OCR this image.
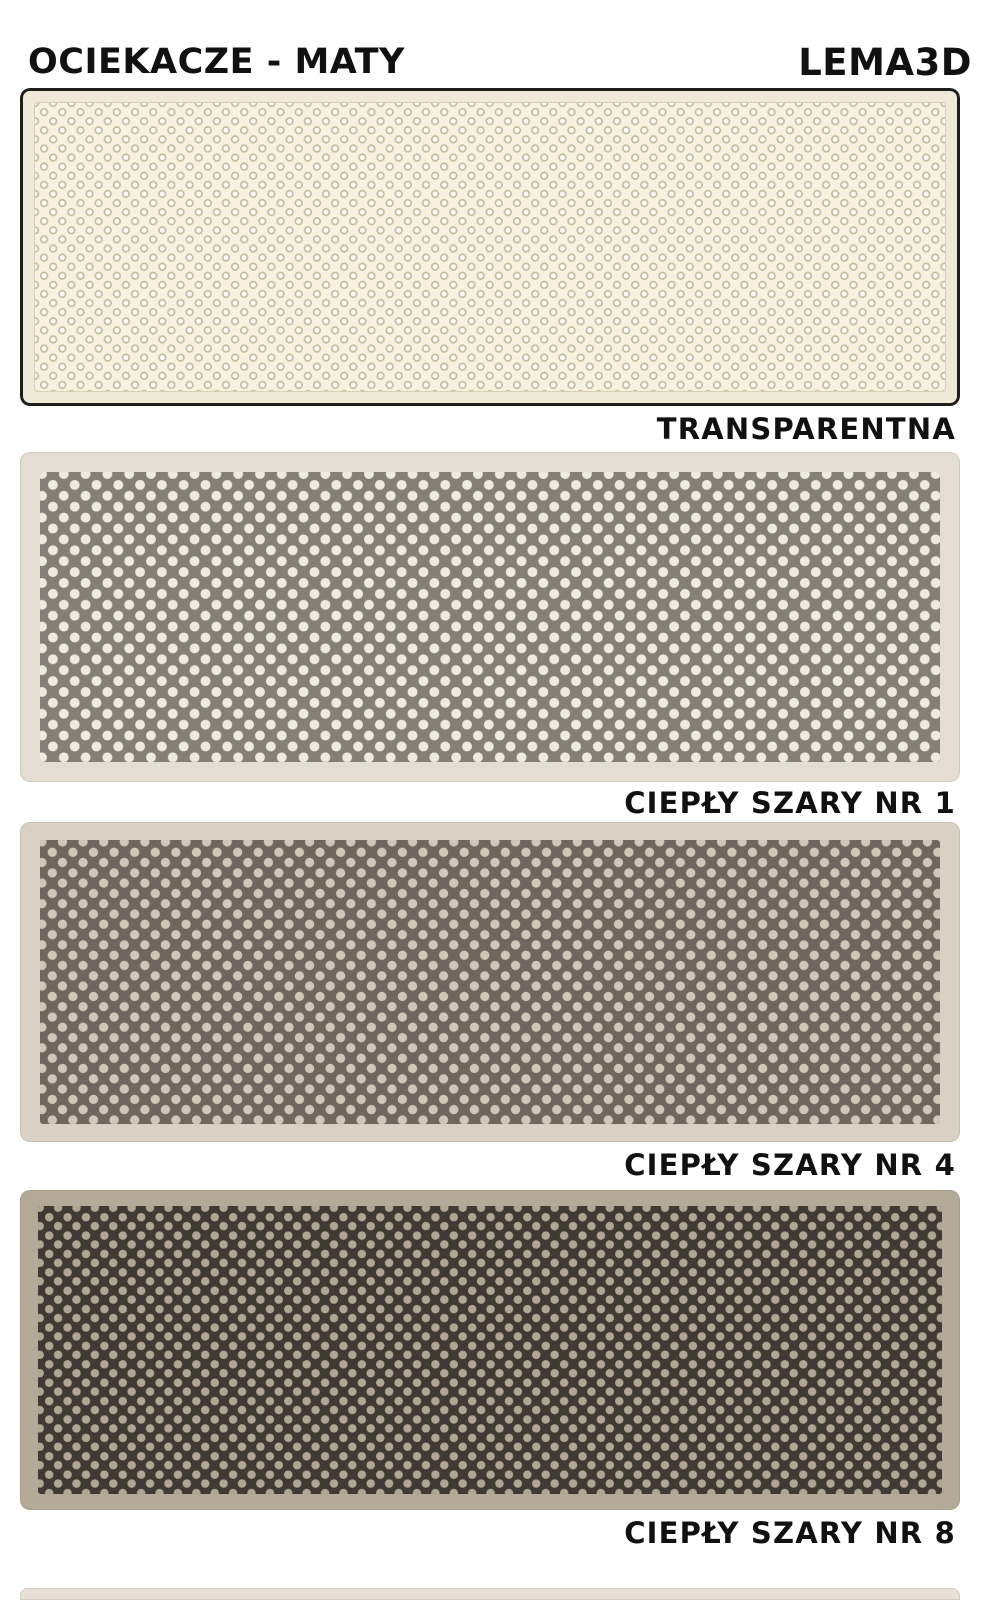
OCIEKACZE - MATY	LEMA3D
TRANSPARENTNA
CIEPŁY SZARY NR 1
CIEPŁY SZARY NR 4
CIEPŁY SZARY NR 8
